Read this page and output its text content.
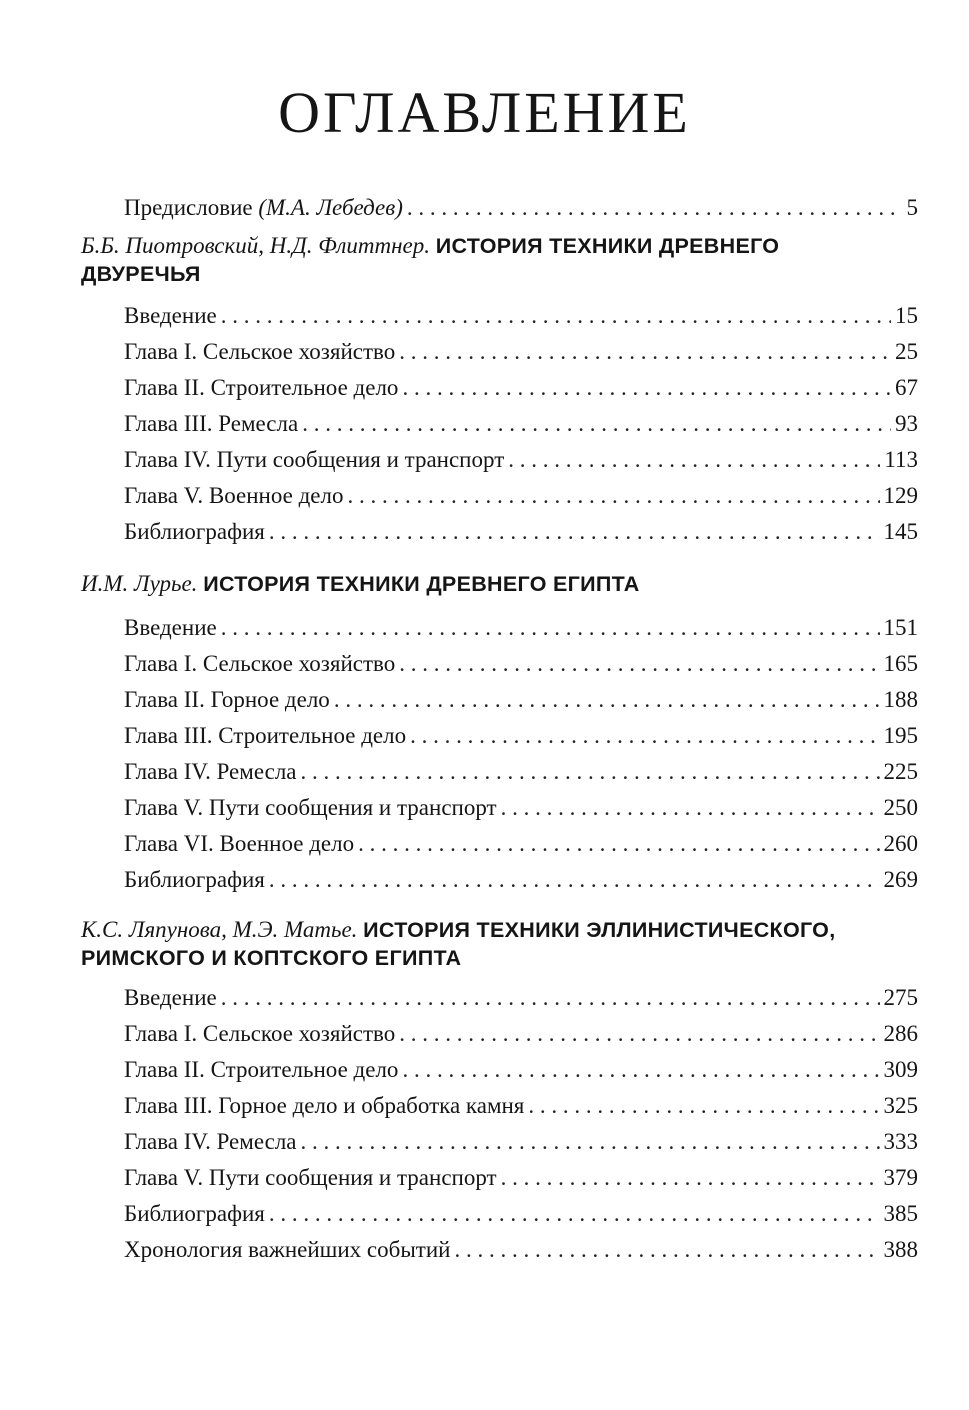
ОГЛАВЛЕНИЕ
Предисловие (М.А. Лебедев) . . .	5
Б.Б. Пиотровский, Н.Д. Флиттнер. ИСТОРИЯ ТЕХНИКИ ДРЕВНЕГО ДВУРЕЧЬЯ
Введение . . .	15
Глава I. Сельское хозяйство . . .	25
Глава II. Строительное дело . . .	67
Глава III. Ремесла . . .	93
Глава IV. Пути сообщения и транспорт . . .	113
Глава V. Военное дело . . .	129
Библиография . . .	145
И.М. Лурье. ИСТОРИЯ ТЕХНИКИ ДРЕВНЕГО ЕГИПТА
Введение . . .	151
Глава I. Сельское хозяйство . . .	165
Глава II. Горное дело . . .	188
Глава III. Строительное дело . . .	195
Глава IV. Ремесла . . .	225
Глава V. Пути сообщения и транспорт . . .	250
Глава VI. Военное дело . . .	260
Библиография . . .	269
К.С. Ляпунова, М.Э. Матье. ИСТОРИЯ ТЕХНИКИ ЭЛЛИНИСТИЧЕСКОГО, РИМСКОГО И КОПТСКОГО ЕГИПТА
Введение . . .	275
Глава I. Сельское хозяйство . . .	286
Глава II. Строительное дело . . .	309
Глава III. Горное дело и обработка камня . . .	325
Глава IV. Ремесла . . .	333
Глава V. Пути сообщения и транспорт . . .	379
Библиография . . .	385
Хронология важнейших событий . . .	388
